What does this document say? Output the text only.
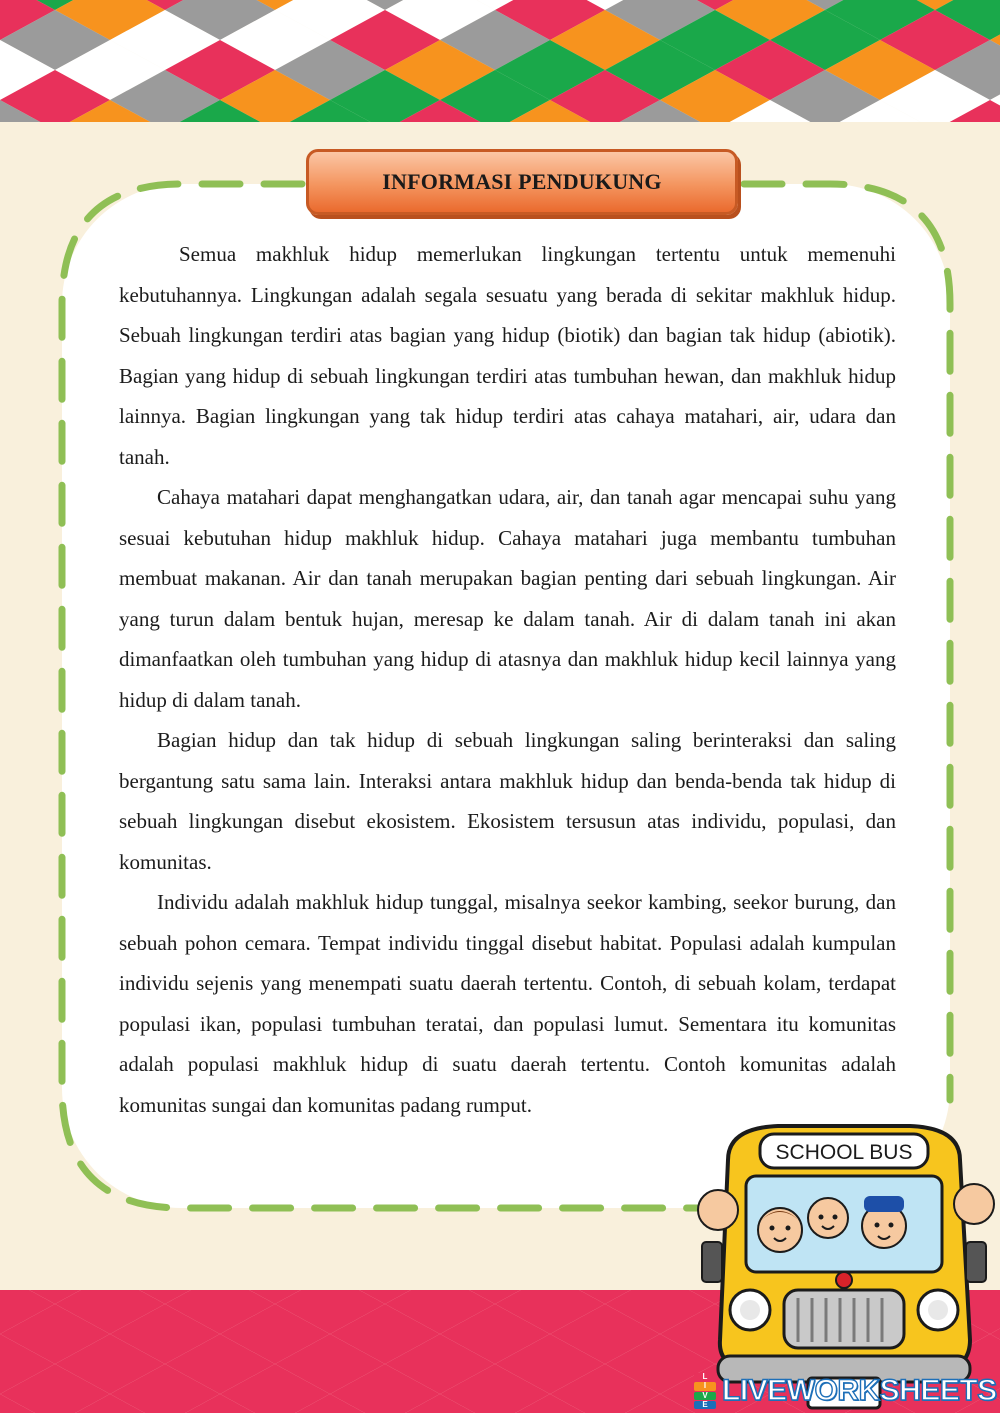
INFORMASI PENDUKUNG

Semua makhluk hidup memerlukan lingkungan tertentu untuk memenuhi kebutuhannya. Lingkungan adalah segala sesuatu yang berada di sekitar makhluk hidup. Sebuah lingkungan terdiri atas bagian yang hidup (biotik) dan bagian tak hidup (abiotik). Bagian yang hidup di sebuah lingkungan terdiri atas tumbuhan hewan, dan makhluk hidup lainnya. Bagian lingkungan yang tak hidup terdiri atas cahaya matahari, air, udara dan tanah.

Cahaya matahari dapat menghangatkan udara, air, dan tanah agar mencapai suhu yang sesuai kebutuhan hidup makhluk hidup. Cahaya matahari juga membantu tumbuhan membuat makanan. Air dan tanah merupakan bagian penting dari sebuah lingkungan. Air yang turun dalam bentuk hujan, meresap ke dalam tanah. Air di dalam tanah ini akan dimanfaatkan oleh tumbuhan yang hidup di atasnya dan makhluk hidup kecil lainnya yang hidup di dalam tanah.

Bagian hidup dan tak hidup di sebuah lingkungan saling berinteraksi dan saling bergantung satu sama lain. Interaksi antara makhluk hidup dan benda-benda tak hidup di sebuah lingkungan disebut ekosistem. Ekosistem tersusun atas individu, populasi, dan komunitas.

Individu adalah makhluk hidup tunggal, misalnya seekor kambing, seekor burung, dan sebuah pohon cemara. Tempat individu tinggal disebut habitat. Populasi adalah kumpulan individu sejenis yang menempati suatu daerah tertentu. Contoh, di sebuah kolam, terdapat populasi ikan, populasi tumbuhan teratai, dan populasi lumut. Sementara itu komunitas adalah populasi makhluk hidup di suatu daerah tertentu. Contoh komunitas adalah komunitas sungai dan komunitas padang rumput.

SCHOOL BUS
L
I
V
E LIVEWORKSHEETS
